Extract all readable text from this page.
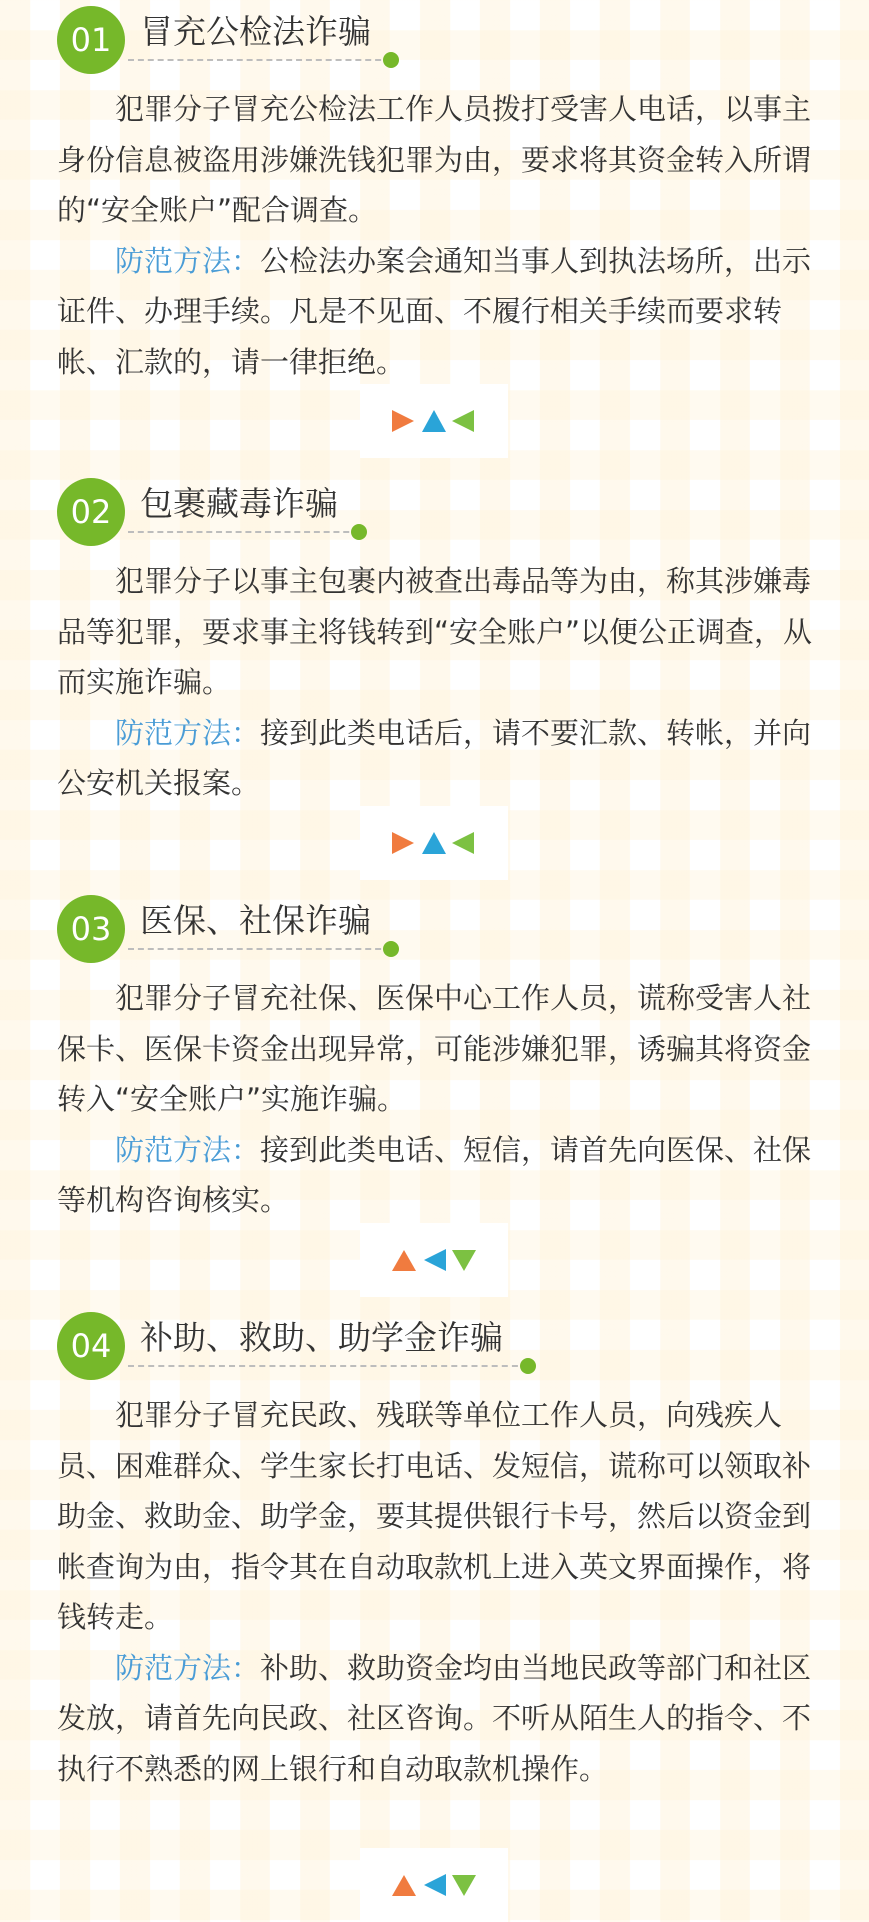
01 冒充公检法诈骗
犯罪分子冒充公检法工作人员拨打受害人电话，以事主身份信息被盗用涉嫌洗钱犯罪为由，要求将其资金转入所谓的“安全账户”配合调查。
防范方法：公检法办案会通知当事人到执法场所，出示证件、办理手续。凡是不见面、不履行相关手续而要求转帐、汇款的，请一律拒绝。
02 包裹藏毒诈骗
犯罪分子以事主包裹内被查出毒品等为由，称其涉嫌毒品等犯罪，要求事主将钱转到“安全账户”以便公正调查，从而实施诈骗。
防范方法：接到此类电话后，请不要汇款、转帐，并向公安机关报案。
03 医保、社保诈骗
犯罪分子冒充社保、医保中心工作人员，谎称受害人社保卡、医保卡资金出现异常，可能涉嫌犯罪，诱骗其将资金转入“安全账户”实施诈骗。
防范方法：接到此类电话、短信，请首先向医保、社保等机构咨询核实。
04 补助、救助、助学金诈骗
犯罪分子冒充民政、残联等单位工作人员，向残疾人员、困难群众、学生家长打电话、发短信，谎称可以领取补助金、救助金、助学金，要其提供银行卡号，然后以资金到帐查询为由，指令其在自动取款机上进入英文界面操作，将钱转走。
防范方法：补助、救助资金均由当地民政等部门和社区发放，请首先向民政、社区咨询。不听从陌生人的指令、不执行不熟悉的网上银行和自动取款机操作。
